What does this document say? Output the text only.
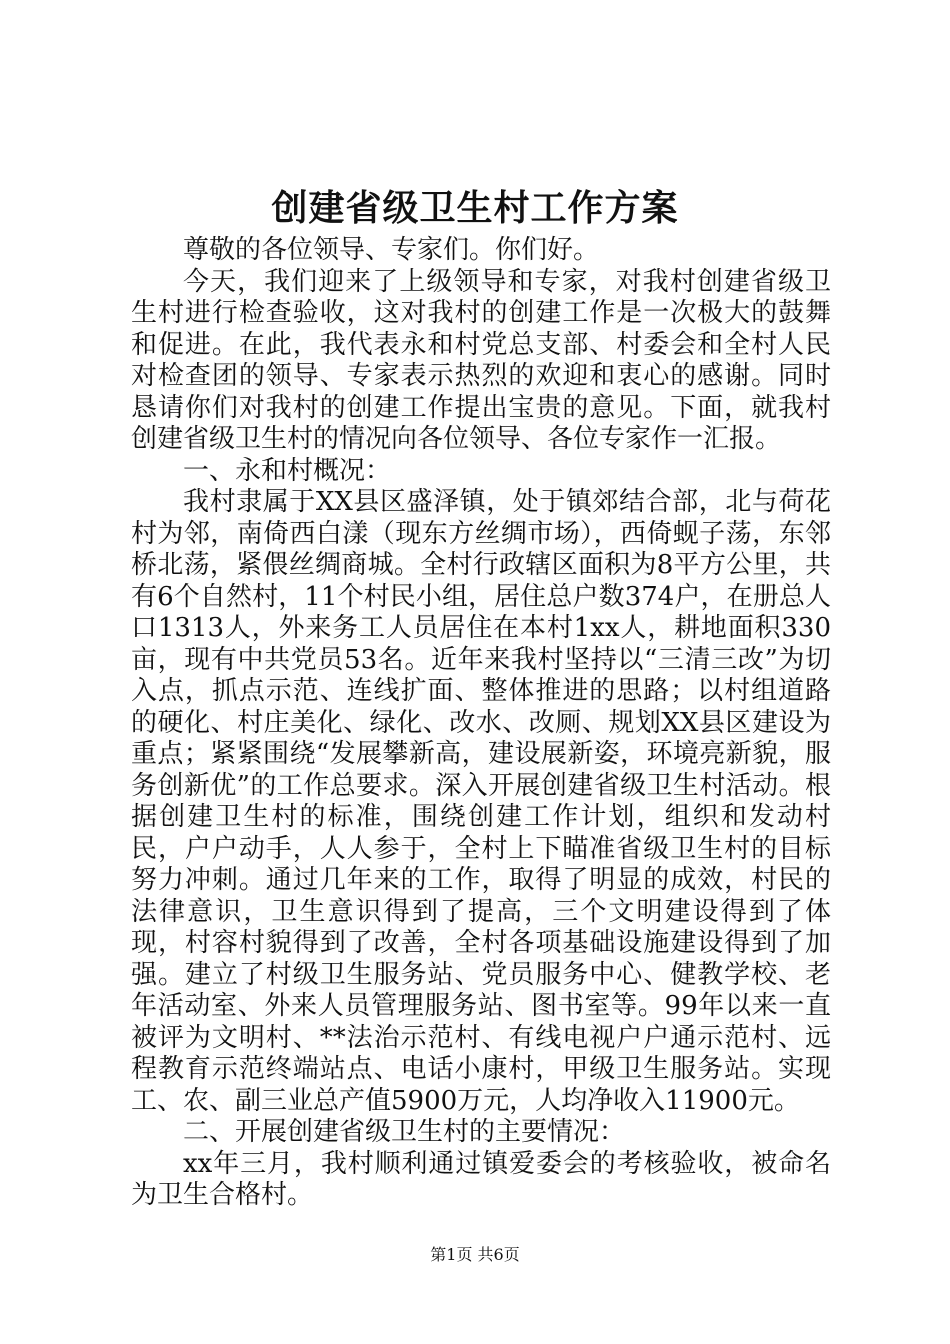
创建省级卫生村工作方案

尊敬的各位领导、专家们。你们好。

今天，我们迎来了上级领导和专家，对我村创建省级卫生村进行检查验收，这对我村的创建工作是一次极大的鼓舞和促进。在此，我代表永和村党总支部、村委会和全村人民对检查团的领导、专家表示热烈的欢迎和衷心的感谢。同时恳请你们对我村的创建工作提出宝贵的意见。下面，就我村创建省级卫生村的情况向各位领导、各位专家作一汇报。

一、永和村概况：

我村隶属于XX县区盛泽镇，处于镇郊结合部，北与荷花村为邻，南倚西白漾（现东方丝绸市场），西倚蚬子荡，东邻桥北荡，紧偎丝绸商城。全村行政辖区面积为8平方公里，共有6个自然村，11个村民小组，居住总户数374户，在册总人口1313人，外来务工人员居住在本村1xx人，耕地面积330亩，现有中共党员53名。近年来我村坚持以“三清三改”为切入点，抓点示范、连线扩面、整体推进的思路；以村组道路的硬化、村庄美化、绿化、改水、改厕、规划XX县区建设为重点；紧紧围绕“发展攀新高，建设展新姿，环境亮新貌，服务创新优”的工作总要求。深入开展创建省级卫生村活动。根据创建卫生村的标准，围绕创建工作计划，组织和发动村民，户户动手，人人参于，全村上下瞄准省级卫生村的目标努力冲刺。通过几年来的工作，取得了明显的成效，村民的法律意识，卫生意识得到了提高，三个文明建设得到了体现，村容村貌得到了改善，全村各项基础设施建设得到了加强。建立了村级卫生服务站、党员服务中心、健教学校、老年活动室、外来人员管理服务站、图书室等。99年以来一直被评为文明村、**法治示范村、有线电视户户通示范村、远程教育示范终端站点、电话小康村，甲级卫生服务站。实现工、农、副三业总产值5900万元，人均净收入11900元。

二、开展创建省级卫生村的主要情况：

xx年三月，我村顺利通过镇爱委会的考核验收，被命名为卫生合格村。

第1页 共6页
